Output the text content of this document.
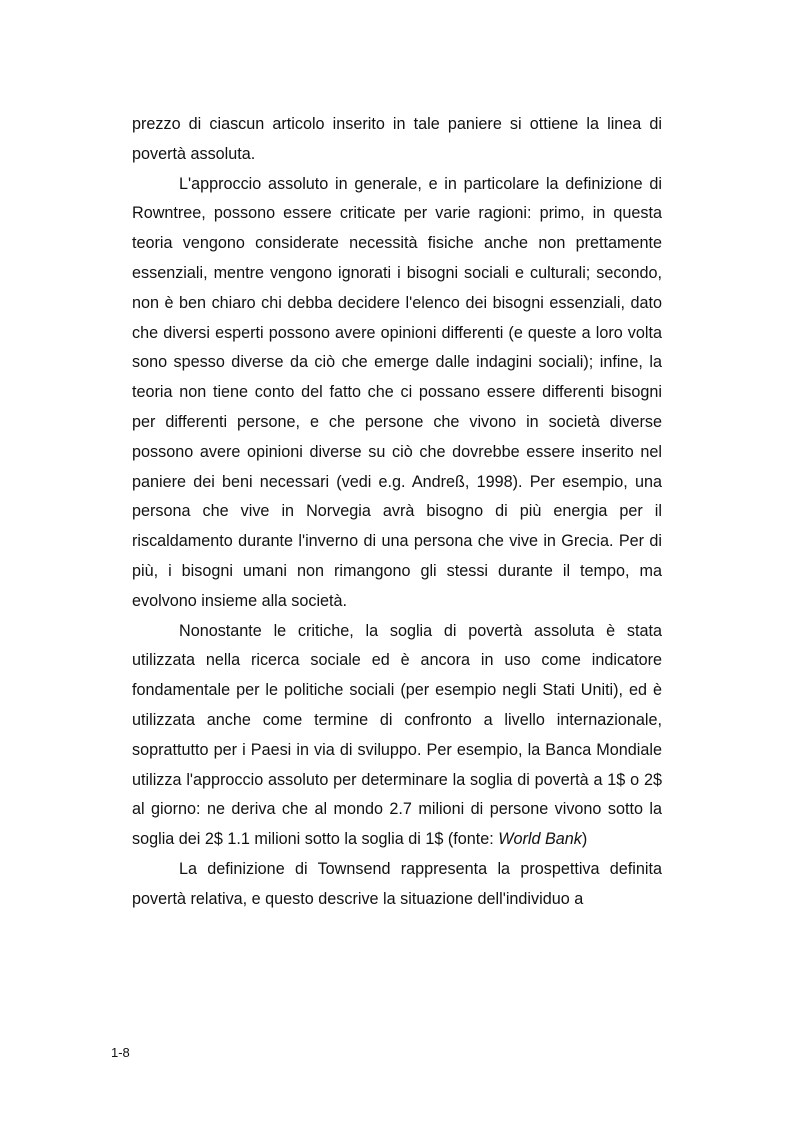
prezzo di ciascun articolo inserito in tale paniere si ottiene la linea di povertà assoluta.

L'approccio assoluto in generale, e in particolare la definizione di Rowntree, possono essere criticate per varie ragioni: primo, in questa teoria vengono considerate necessità fisiche anche non prettamente essenziali, mentre vengono ignorati i bisogni sociali e culturali; secondo, non è ben chiaro chi debba decidere l'elenco dei bisogni essenziali, dato che diversi esperti possono avere opinioni differenti (e queste a loro volta sono spesso diverse da ciò che emerge dalle indagini sociali); infine, la teoria non tiene conto del fatto che ci possano essere differenti bisogni per differenti persone, e che persone che vivono in società diverse possono avere opinioni diverse su ciò che dovrebbe essere inserito nel paniere dei beni necessari (vedi e.g. Andreß, 1998). Per esempio, una persona che vive in Norvegia avrà bisogno di più energia per il riscaldamento durante l'inverno di una persona che vive in Grecia. Per di più, i bisogni umani non rimangono gli stessi durante il tempo, ma evolvono insieme alla società.

Nonostante le critiche, la soglia di povertà assoluta è stata utilizzata nella ricerca sociale ed è ancora in uso come indicatore fondamentale per le politiche sociali (per esempio negli Stati Uniti), ed è utilizzata anche come termine di confronto a livello internazionale, soprattutto per i Paesi in via di sviluppo. Per esempio, la Banca Mondiale utilizza l'approccio assoluto per determinare la soglia di povertà a 1$ o 2$ al giorno: ne deriva che al mondo 2.7 milioni di persone vivono sotto la soglia dei 2$ 1.1 milioni sotto la soglia di 1$ (fonte: World Bank)

La definizione di Townsend rappresenta la prospettiva definita povertà relativa, e questo descrive la situazione dell'individuo a

1-8
